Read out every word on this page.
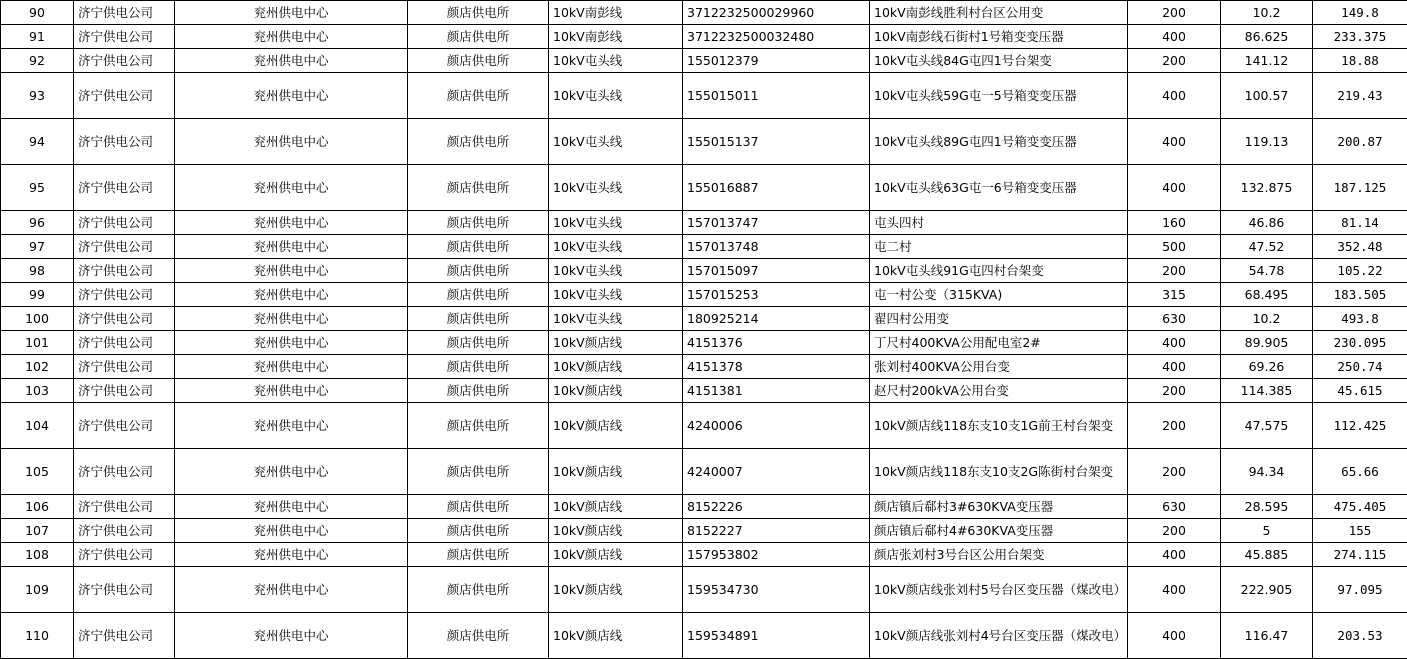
90	济宁供电公司	兖州供电中心	颜店供电所	10kV南彭线	3712232500029960	10kV南彭线胜利村台区公用变	200	10.2	149.8
91	济宁供电公司	兖州供电中心	颜店供电所	10kV南彭线	3712232500032480	10kV南彭线石街村1号箱变变压器	400	86.625	233.375
92	济宁供电公司	兖州供电中心	颜店供电所	10kV屯头线	155012379	10kV屯头线84G屯四1号台架变	200	141.12	18.88
93	济宁供电公司	兖州供电中心	颜店供电所	10kV屯头线	155015011	10kV屯头线59G屯一5号箱变变压器	400	100.57	219.43
94	济宁供电公司	兖州供电中心	颜店供电所	10kV屯头线	155015137	10kV屯头线89G屯四1号箱变变压器	400	119.13	200.87
95	济宁供电公司	兖州供电中心	颜店供电所	10kV屯头线	155016887	10kV屯头线63G屯一6号箱变变压器	400	132.875	187.125
96	济宁供电公司	兖州供电中心	颜店供电所	10kV屯头线	157013747	屯头四村	160	46.86	81.14
97	济宁供电公司	兖州供电中心	颜店供电所	10kV屯头线	157013748	屯二村	500	47.52	352.48
98	济宁供电公司	兖州供电中心	颜店供电所	10kV屯头线	157015097	10kV屯头线91G屯四村台架变	200	54.78	105.22
99	济宁供电公司	兖州供电中心	颜店供电所	10kV屯头线	157015253	屯一村公变（315KVA)	315	68.495	183.505
100	济宁供电公司	兖州供电中心	颜店供电所	10kV屯头线	180925214	翟四村公用变	630	10.2	493.8
101	济宁供电公司	兖州供电中心	颜店供电所	10kV颜店线	4151376	丁尺村400KVA公用配电室2#	400	89.905	230.095
102	济宁供电公司	兖州供电中心	颜店供电所	10kV颜店线	4151378	张刘村400KVA公用台变	400	69.26	250.74
103	济宁供电公司	兖州供电中心	颜店供电所	10kV颜店线	4151381	赵尺村200kVA公用台变	200	114.385	45.615
104	济宁供电公司	兖州供电中心	颜店供电所	10kV颜店线	4240006	10kV颜店线118东支10支1G前王村台架变	200	47.575	112.425
105	济宁供电公司	兖州供电中心	颜店供电所	10kV颜店线	4240007	10kV颜店线118东支10支2G陈街村台架变	200	94.34	65.66
106	济宁供电公司	兖州供电中心	颜店供电所	10kV颜店线	8152226	颜店镇后郗村3#630KVA变压器	630	28.595	475.405
107	济宁供电公司	兖州供电中心	颜店供电所	10kV颜店线	8152227	颜店镇后郗村4#630KVA变压器	200	5	155
108	济宁供电公司	兖州供电中心	颜店供电所	10kV颜店线	157953802	颜店张刘村3号台区公用台架变	400	45.885	274.115
109	济宁供电公司	兖州供电中心	颜店供电所	10kV颜店线	159534730	10kV颜店线张刘村5号台区变压器（煤改电）	400	222.905	97.095
110	济宁供电公司	兖州供电中心	颜店供电所	10kV颜店线	159534891	10kV颜店线张刘村4号台区变压器（煤改电）	400	116.47	203.53
